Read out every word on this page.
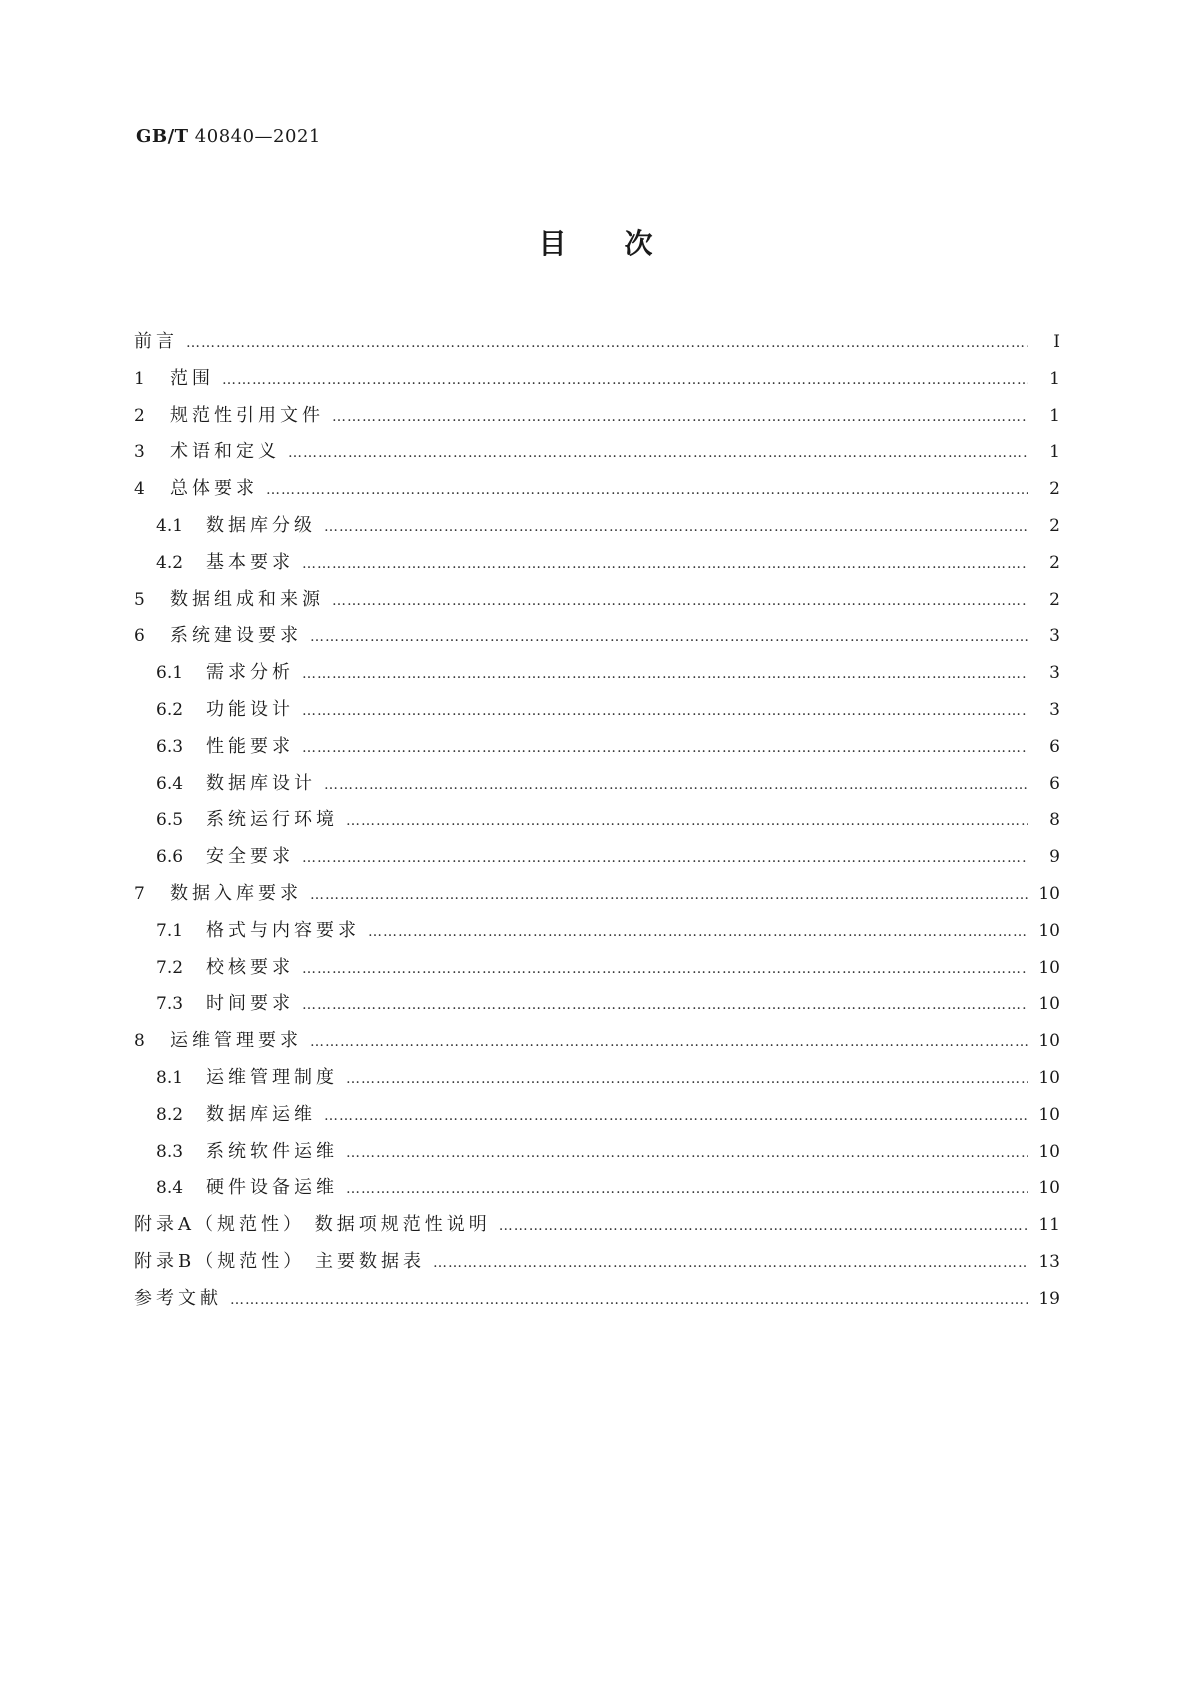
GB/T 40840—2021
目次
前言 ……………………………………………………………………………………………………………………………………………………………………………………………………………………………………………………………………	Ⅰ
1	范围 ……………………………………………………………………………………………………………………………………………………………………………………………………………………………………………………………………	1
2	规范性引用文件 ……………………………………………………………………………………………………………………………………………………………………………………………………………………………………………………………………	1
3	术语和定义 ……………………………………………………………………………………………………………………………………………………………………………………………………………………………………………………………………	1
4	总体要求 ……………………………………………………………………………………………………………………………………………………………………………………………………………………………………………………………………	2
4.1	数据库分级 ……………………………………………………………………………………………………………………………………………………………………………………………………………………………………………………………………	2
4.2	基本要求 ……………………………………………………………………………………………………………………………………………………………………………………………………………………………………………………………………	2
5	数据组成和来源 ……………………………………………………………………………………………………………………………………………………………………………………………………………………………………………………………………	2
6	系统建设要求 ……………………………………………………………………………………………………………………………………………………………………………………………………………………………………………………………………	3
6.1	需求分析 ……………………………………………………………………………………………………………………………………………………………………………………………………………………………………………………………………	3
6.2	功能设计 ……………………………………………………………………………………………………………………………………………………………………………………………………………………………………………………………………	3
6.3	性能要求 ……………………………………………………………………………………………………………………………………………………………………………………………………………………………………………………………………	6
6.4	数据库设计 ……………………………………………………………………………………………………………………………………………………………………………………………………………………………………………………………………	6
6.5	系统运行环境 ……………………………………………………………………………………………………………………………………………………………………………………………………………………………………………………………………	8
6.6	安全要求 ……………………………………………………………………………………………………………………………………………………………………………………………………………………………………………………………………	9
7	数据入库要求 ……………………………………………………………………………………………………………………………………………………………………………………………………………………………………………………………………	10
7.1	格式与内容要求 ……………………………………………………………………………………………………………………………………………………………………………………………………………………………………………………………………	10
7.2	校核要求 ……………………………………………………………………………………………………………………………………………………………………………………………………………………………………………………………………	10
7.3	时间要求 ……………………………………………………………………………………………………………………………………………………………………………………………………………………………………………………………………	10
8	运维管理要求 ……………………………………………………………………………………………………………………………………………………………………………………………………………………………………………………………………	10
8.1	运维管理制度 ……………………………………………………………………………………………………………………………………………………………………………………………………………………………………………………………………	10
8.2	数据库运维 ……………………………………………………………………………………………………………………………………………………………………………………………………………………………………………………………………	10
8.3	系统软件运维 ……………………………………………………………………………………………………………………………………………………………………………………………………………………………………………………………………	10
8.4	硬件设备运维 ……………………………………………………………………………………………………………………………………………………………………………………………………………………………………………………………………	10
附录A（规范性） 数据项规范性说明 ……………………………………………………………………………………………………………………………………………………………………………………………………………………………………………………………………	11
附录B（规范性） 主要数据表 ……………………………………………………………………………………………………………………………………………………………………………………………………………………………………………………………………	13
参考文献 ……………………………………………………………………………………………………………………………………………………………………………………………………………………………………………………………………	19
